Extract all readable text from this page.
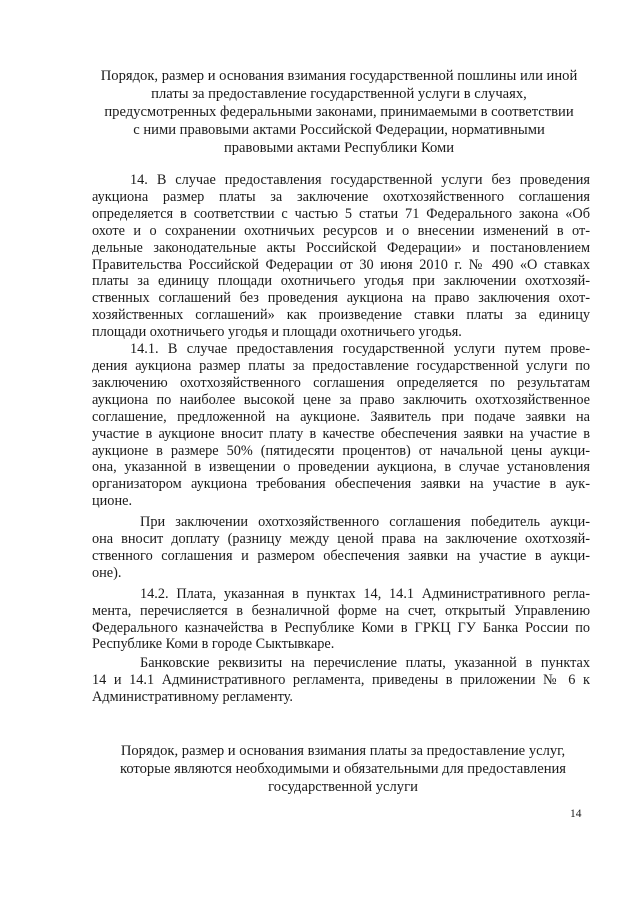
Порядок, размер и основания взимания государственной пошлины или иной
платы за предоставление государственной услуги в случаях,
предусмотренных федеральными законами, принимаемыми в соответствии
с ними правовыми актами Российской Федерации, нормативными
правовыми актами Республики Коми
14. В случае предоставления государственной услуги без проведения
аукциона размер платы за заключение охотхозяйственного соглашения
определяется в соответствии с частью 5 статьи 71 Федерального закона «Об
охоте и о сохранении охотничьих ресурсов и о внесении изменений в от-
дельные законодательные акты Российской Федерации» и постановлением
Правительства Российской Федерации от 30 июня 2010 г. № 490 «О ставках
платы за единицу площади охотничьего угодья при заключении охотхозяй-
ственных соглашений без проведения аукциона на право заключения охот-
хозяйственных соглашений» как произведение ставки платы за единицу
площади охотничьего угодья и площади охотничьего угодья.
14.1. В случае предоставления государственной услуги путем прове-
дения аукциона размер платы за предоставление государственной услуги по
заключению охотхозяйственного соглашения определяется по результатам
аукциона по наиболее высокой цене за право заключить охотхозяйственное
соглашение, предложенной на аукционе. Заявитель при подаче заявки на
участие в аукционе вносит плату в качестве обеспечения заявки на участие в
аукционе в размере 50% (пятидесяти процентов) от начальной цены аукци-
она, указанной в извещении о проведении аукциона, в случае установления
организатором аукциона требования обеспечения заявки на участие в аук-
ционе.
При заключении охотхозяйственного соглашения победитель аукци-
она вносит доплату (разницу между ценой права на заключение охотхозяй-
ственного соглашения и размером обеспечения заявки на участие в аукци-
оне).
14.2. Плата, указанная в пунктах 14, 14.1 Административного регла-
мента, перечисляется в безналичной форме на счет, открытый Управлению
Федерального казначейства в Республике Коми в ГРКЦ ГУ Банка России по
Республике Коми в городе Сыктывкаре.
Банковские реквизиты на перечисление платы, указанной в пунктах
14 и 14.1 Административного регламента, приведены в приложении № 6 к
Административному регламенту.
Порядок, размер и основания взимания платы за предоставление услуг,
которые являются необходимыми и обязательными для предоставления
государственной услуги
14
